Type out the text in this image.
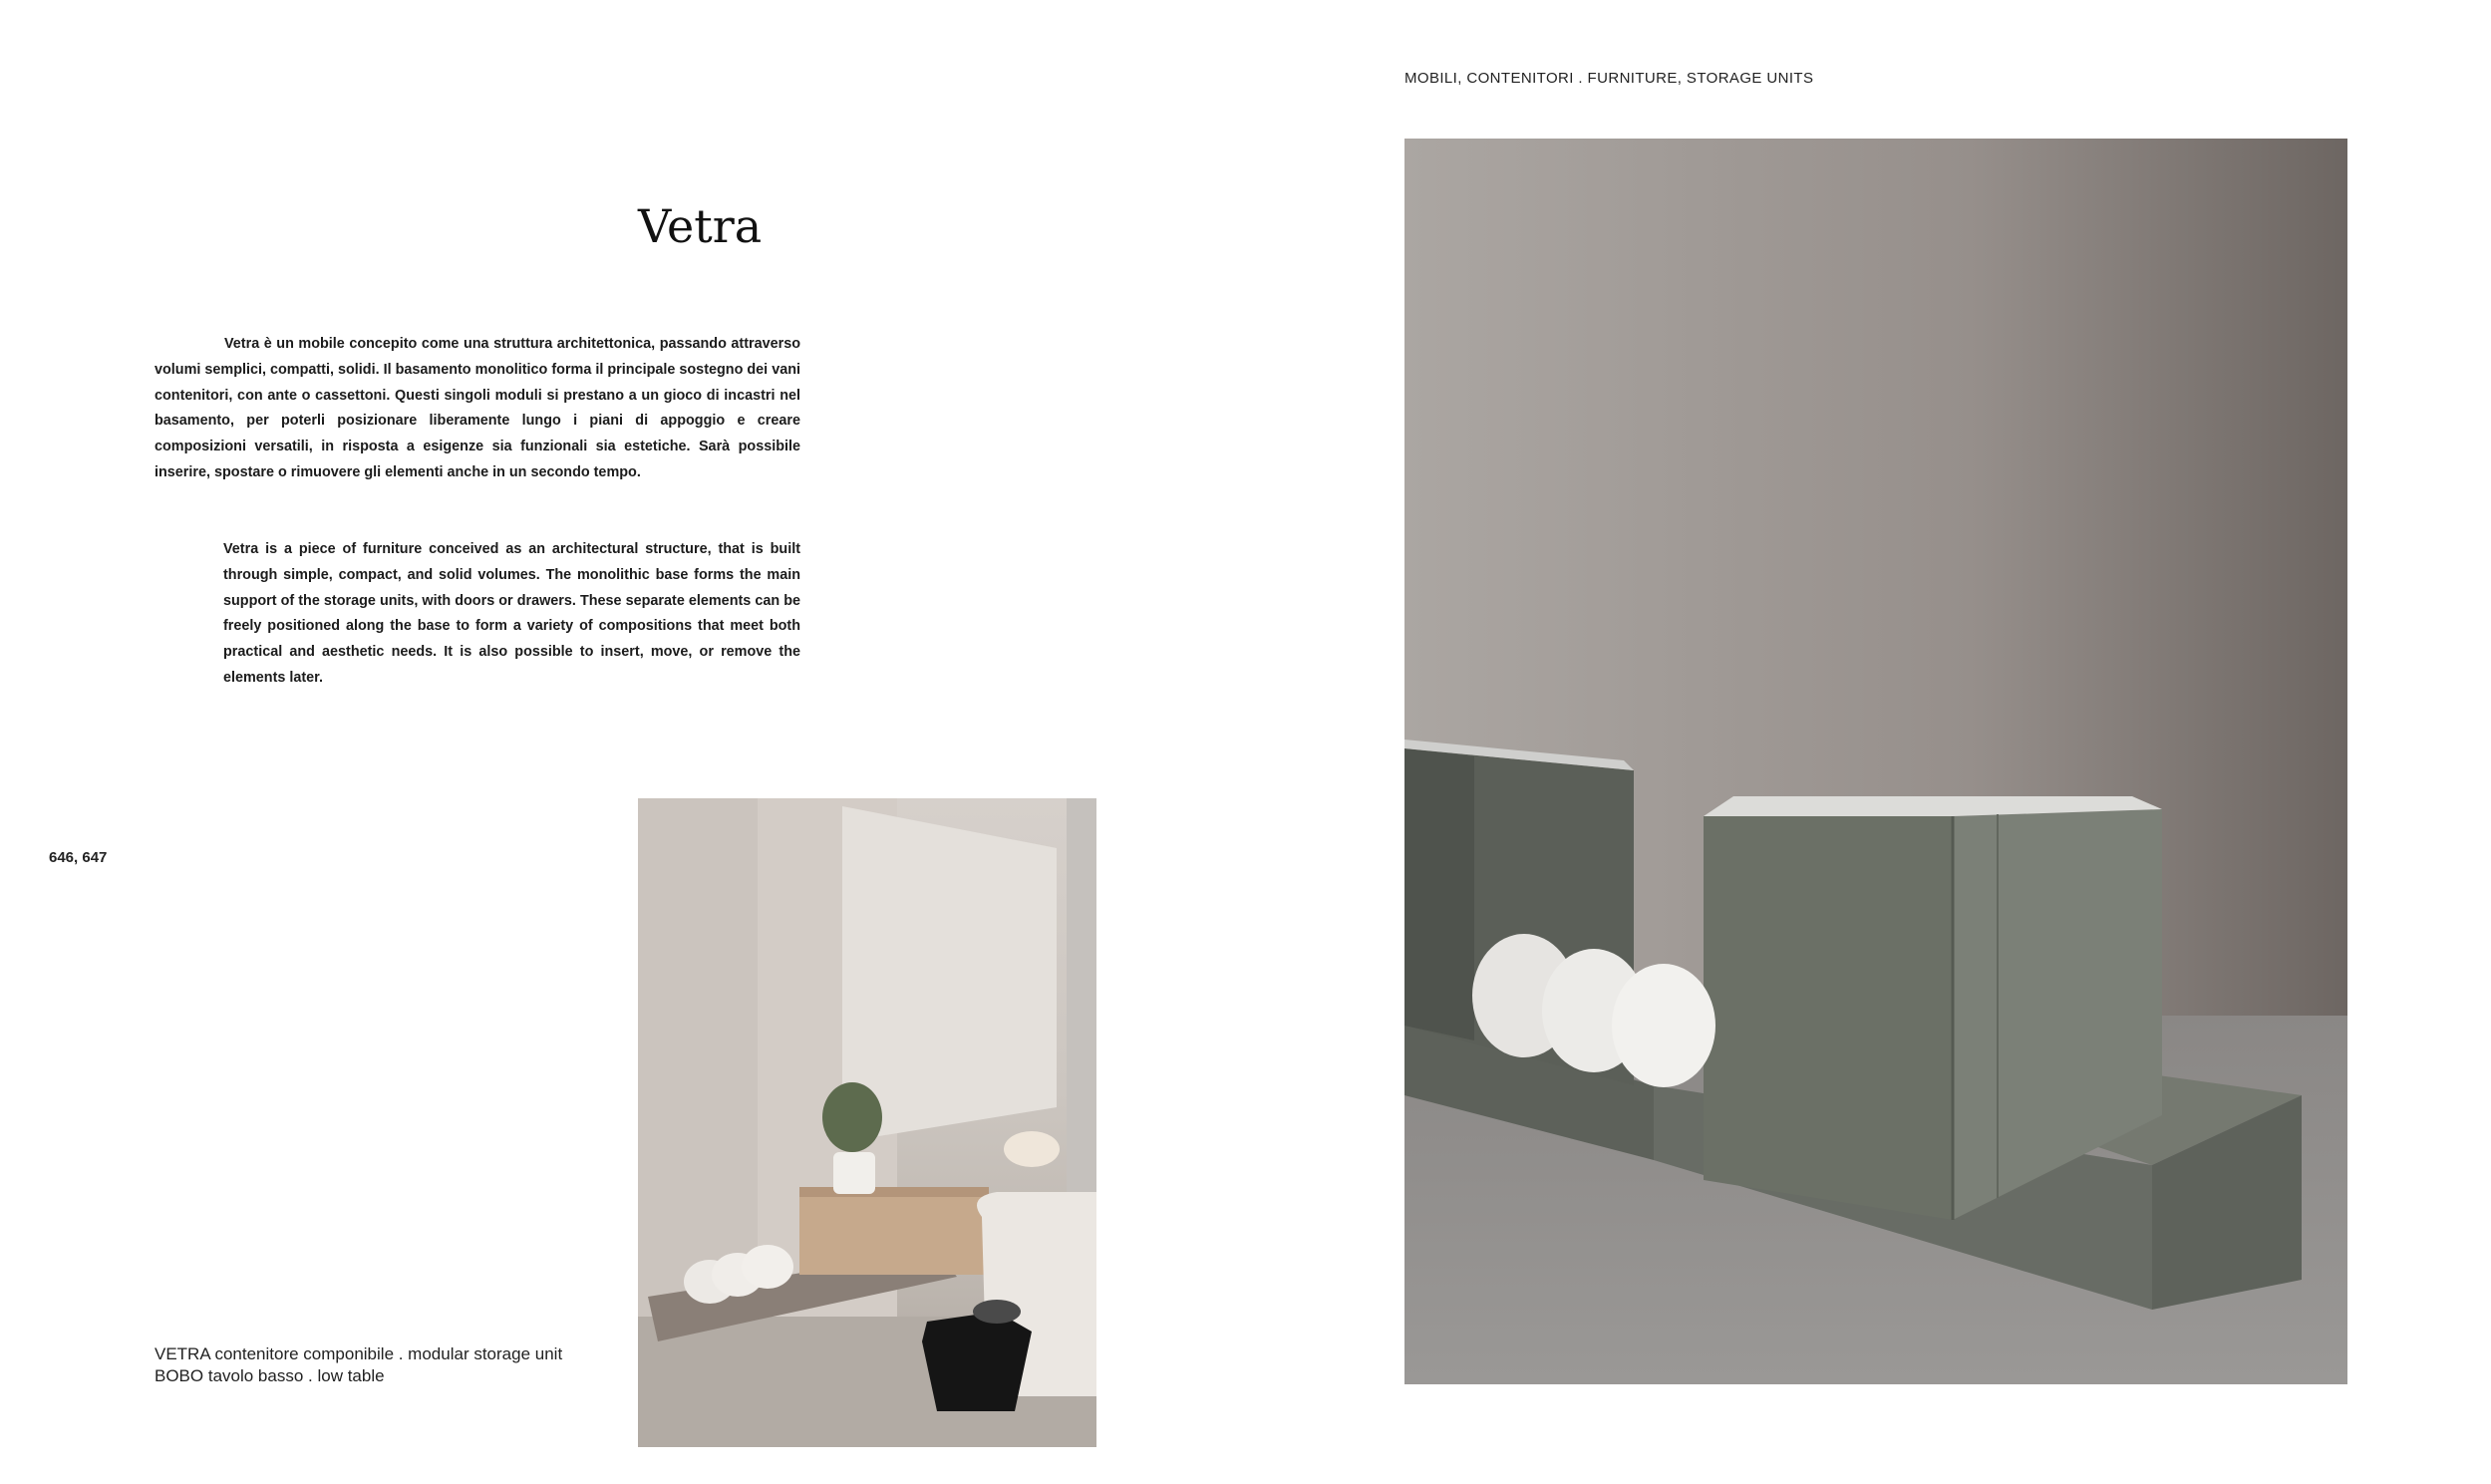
MOBILI, CONTENITORI . FURNITURE, STORAGE UNITS
Vetra

Vetra è un mobile concepito come una struttura architettonica, passando attraverso volumi semplici, compatti, solidi. Il basamento monolitico forma il principale sostegno dei vani contenitori, con ante o cassettoni. Questi singoli moduli si prestano a un gioco di incastri nel basamento, per poterli posizionare liberamente lungo i piani di appoggio e creare composizioni versatili, in risposta a esigenze sia funzionali sia estetiche. Sarà possibile inserire, spostare o rimuovere gli elementi anche in un secondo tempo.

Vetra is a piece of furniture conceived as an architectural structure, that is built through simple, compact, and solid volumes. The monolithic base forms the main support of the storage units, with doors or drawers. These separate elements can be freely positioned along the base to form a variety of compositions that meet both practical and aesthetic needs. It is also possible to insert, move, or remove the elements later.

646, 647
VETRA contenitore componibile . modular storage unit
BOBO tavolo basso . low table
